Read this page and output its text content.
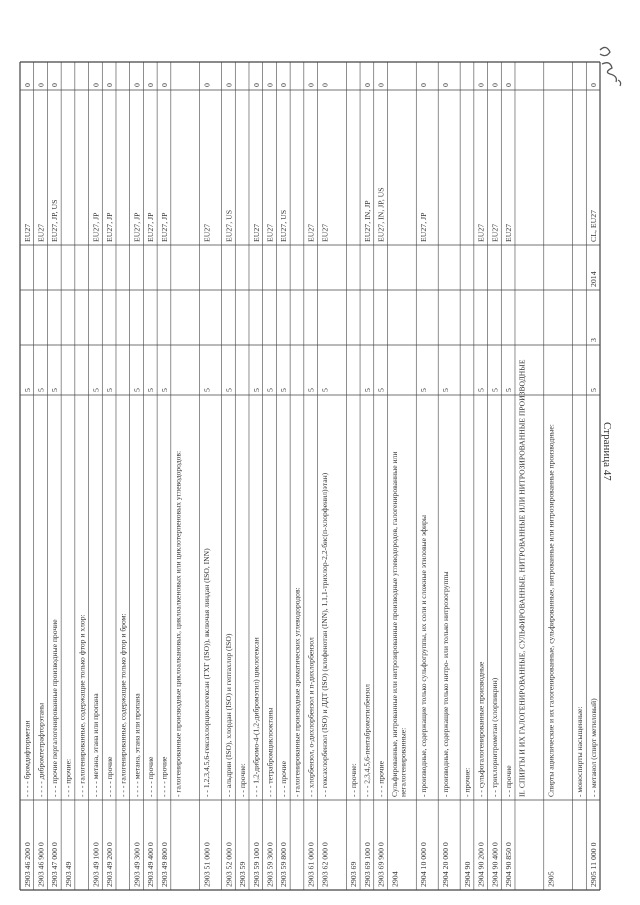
2903 46 200 0
- - - - бромдифторметан
5
EU27
0
2903 46 900 0
- - - - дибромтетрафторэтаны
5
EU27
0
2903 47 000 0
- - - прочие пергалогенированные производные прочие
5
EU27, JP, US
0
2903 49
- - - прочие: - - - галогенированные, содержащие только фтор и хлор:
2903 49 100 0
- - - - метана, этана или пропана
5
EU27, JP
0
2903 49 200 0
- - - - прочие
5
EU27, JP
0
- - - галогенированные, содержащие только фтор и бром:
2903 49 300 0
- - - - метана, этана или пропана
5
EU27, JP
0
2903 49 400 0
- - - - прочие
5
EU27, JP
0
2903 49 800 0
- - - - прочие
5
EU27, JP
0
- галогенированные производные циклоалкановых, циклоалкеновых или циклотерпеновых углеводородов:
2903 51 000 0
- - 1,2,3,4,5,6-гексахлорциклогексан (ГХГ (ISO)), включая линдан (ISO, INN)
5
EU27
0
2903 52 000 0
- - альдрин (ISO), хлордан (ISO) и гептахлор (ISO)
5
EU27, US
0
2903 59
- - прочие:
2903 59 100 0
- - - 1,2-дибромо-4-(1,2-дибромэтил) циклогексан
5
EU27
0
2903 59 300 0
- - - тетрабромциклооктаны
5
EU27
0
2903 59 800 0
- - - прочие
5
EU27, US
0
- галогенированные производные ароматических углеводородов:
2903 61 000 0
- - хлорбензол, о-дихлорбензол и п-дихлорбензол
5
EU27
0
2903 62 000 0
- - гексахлорбензол (ISO) и ДДТ (ISO) (клофенотан (INN), 1,1,1-трихлор-2,2-бис(п-хлорфенил)этан)
5
EU27
0
2903 69
- - прочие:
2903 69 100 0
- - - 2,3,4,5,6-пентабромэтилбензол
5
EU27, IN, JP
0
2903 69 900 0
- - - прочие
5
EU27, IN, JP, US
0
2904
Сульфированные, нитрованные или нитрозированные производные углеводородов, галогенированные или негалогенированные:
2904 10 000 0
- производные, содержащие только сульфогруппы, их соли и сложные этиловые эфиры
5
EU27, JP
0
2904 20 000 0
- производные, содержащие только нитро- или только нитрозогруппы
5
0
2904 90
- прочие:
2904 90 200 0
- - сульфогалогенированные производные
5
EU27
0
2904 90 400 0
- - трихлорнитрометан (хлорпикрин)
5
EU27
0
2904 90 850 0
- - прочие
5
EU27
0
II. СПИРТЫ И ИХ ГАЛОГЕНИРОВАННЫЕ, СУЛЬФИРОВАННЫЕ, НИТРОВАННЫЕ ИЛИ НИТРОЗИРОВАННЫЕ ПРОИЗВОДНЫЕ
2905
Спирты ациклические и их галогенированные, сульфированные, нитрованные или нитрозированные производные:	- моноспирты насыщенные:
2905 11 000 0
- - метанол (спирт метиловый)
5
3
2014
CL, EU27
0
Страница 47
